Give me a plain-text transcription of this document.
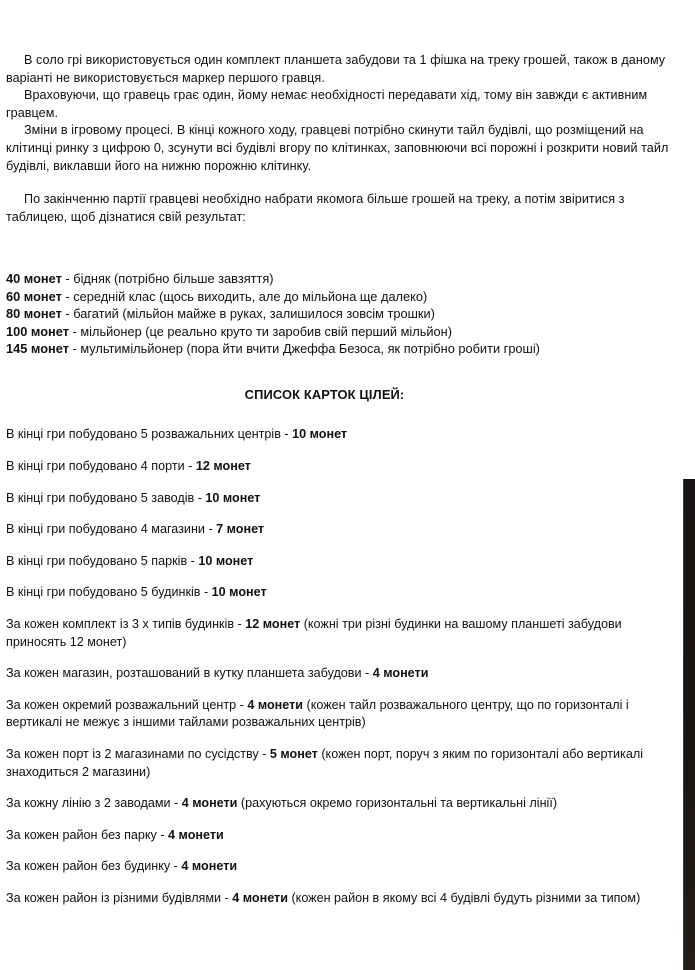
В соло грі використовується один комплект планшета забудови та 1 фішка на треку грошей, також в даному варіанті не використовується маркер першого гравця.

Враховуючи, що гравець грає один, йому немає необхідності передавати хід, тому він завжди є активним гравцем.

Зміни в ігровому процесі. В кінці кожного ходу, гравцеві потрібно скинути тайл будівлі, що розміщений на клітинці ринку з цифрою 0, зсунути всі будівлі вгору по клітинках, заповнюючи всі порожні і розкрити новий тайл будівлі, виклавши його на нижню порожню клітинку.

По закінченню партії гравцеві необхідно набрати якомога більше грошей на треку, а потім звіритися з таблицею, щоб дізнатися свій результат:

40 монет - бідняк (потрібно більше завзяття)
60 монет - середній клас (щось виходить, але до мільйона ще далеко)
80 монет - багатий (мільйон майже в руках, залишилося зовсім трошки)
100 монет - мільйонер (це реально круто ти заробив свій перший мільйон)
145 монет - мультимільйонер (пора йти вчити Джеффа Безоса, як потрібно робити гроші)
СПИСОК КАРТОК ЦІЛЕЙ:
В кінці гри побудовано 5 розважальних центрів - 10 монет
В кінці гри побудовано 4 порти - 12 монет
В кінці гри побудовано 5 заводів - 10 монет
В кінці гри побудовано 4 магазини - 7 монет
В кінці гри побудовано 5 парків - 10 монет
В кінці гри побудовано 5 будинків - 10 монет
За кожен комплект із 3 х типів будинків - 12 монет (кожні три різні будинки на вашому планшеті забудови приносять 12 монет)
За кожен магазин, розташований в кутку планшета забудови - 4 монети
За кожен окремий розважальний центр - 4 монети (кожен тайл розважального центру, що по горизонталі і вертикалі не межує з іншими тайлами розважальних центрів)
За кожен порт із 2 магазинами по сусідству - 5 монет (кожен порт, поруч з яким по горизонталі або вертикалі знаходиться 2 магазини)
За кожну лінію з 2 заводами - 4 монети (рахуються окремо горизонтальні та вертикальні лінії)
За кожен район без парку - 4 монети
За кожен район без будинку - 4 монети
За кожен район із різними будівлями - 4 монети (кожен район в якому всі 4 будівлі будуть різними за типом)
